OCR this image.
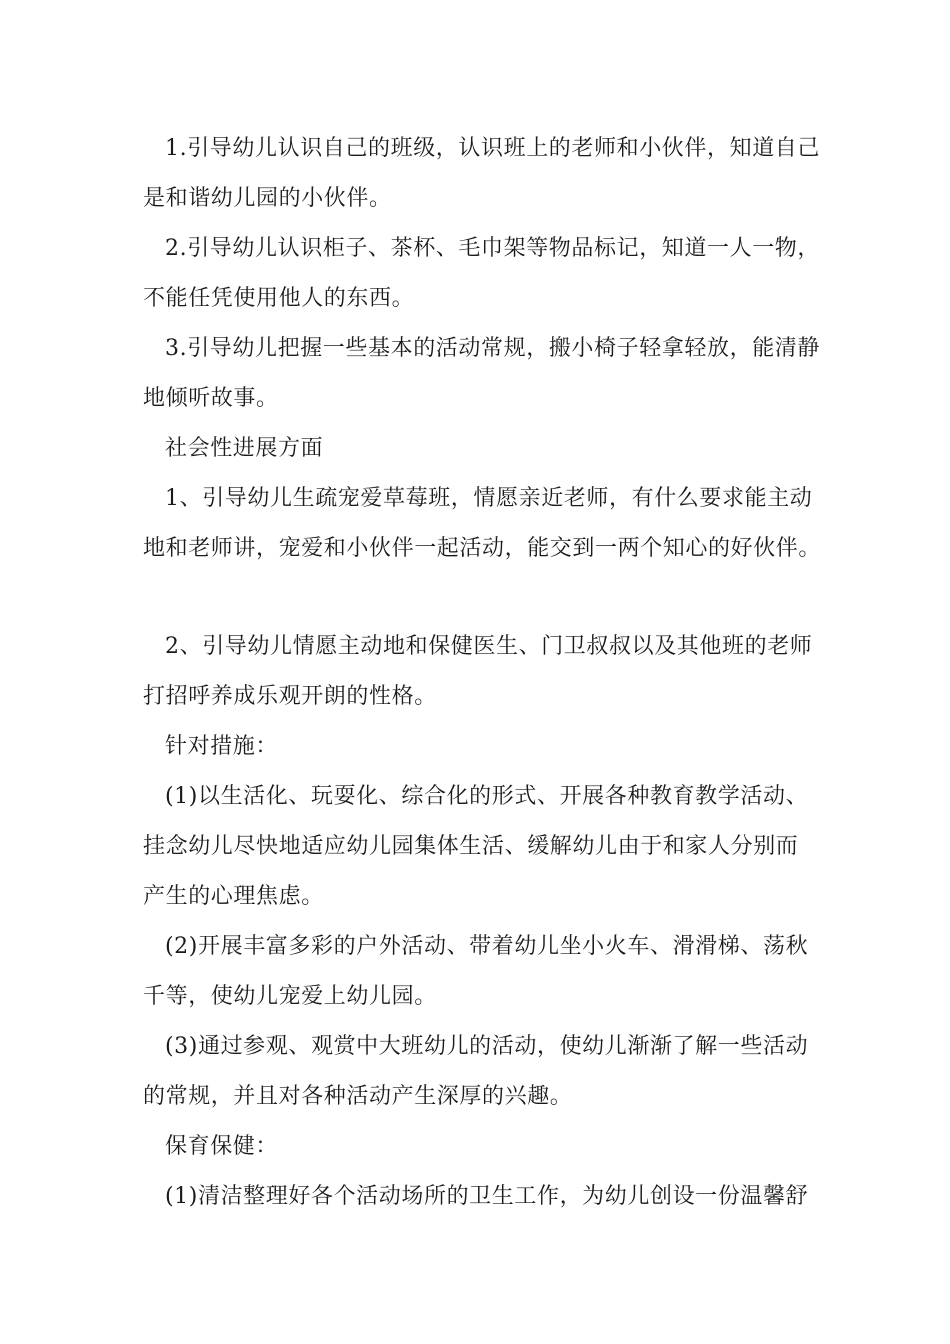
1.引导幼儿认识自己的班级，认识班上的老师和小伙伴，知道自己
是和谐幼儿园的小伙伴。
2.引导幼儿认识柜子、茶杯、毛巾架等物品标记，知道一人一物，
不能任凭使用他人的东西。
3.引导幼儿把握一些基本的活动常规，搬小椅子轻拿轻放，能清静
地倾听故事。
社会性进展方面
1、引导幼儿生疏宠爱草莓班，情愿亲近老师，有什么要求能主动
地和老师讲，宠爱和小伙伴一起活动，能交到一两个知心的好伙伴。
2、引导幼儿情愿主动地和保健医生、门卫叔叔以及其他班的老师
打招呼养成乐观开朗的性格。
针对措施：
(1)以生活化、玩耍化、综合化的形式、开展各种教育教学活动、
挂念幼儿尽快地适应幼儿园集体生活、缓解幼儿由于和家人分别而
产生的心理焦虑。
(2)开展丰富多彩的户外活动、带着幼儿坐小火车、滑滑梯、荡秋
千等，使幼儿宠爱上幼儿园。
(3)通过参观、观赏中大班幼儿的活动，使幼儿渐渐了解一些活动
的常规，并且对各种活动产生深厚的兴趣。
保育保健：
(1)清洁整理好各个活动场所的卫生工作，为幼儿创设一份温馨舒
